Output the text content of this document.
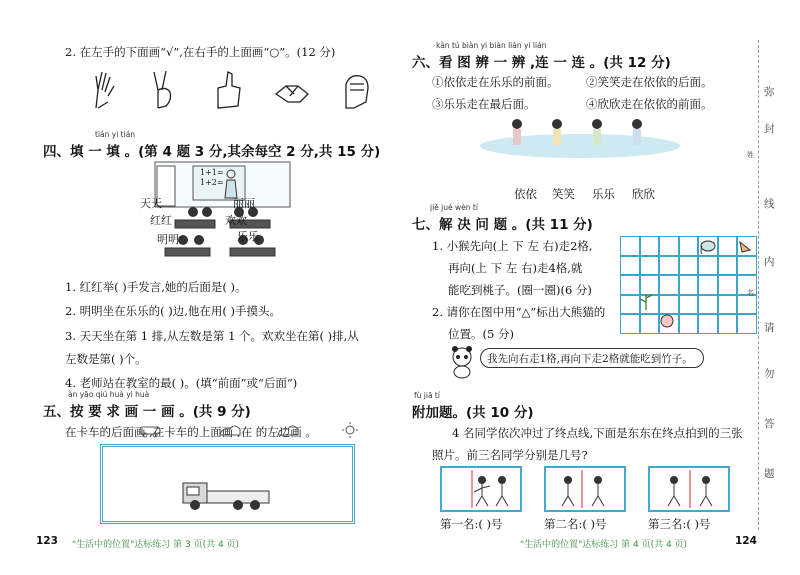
2. 在左手的下面画“√”,在右手的上面画“○”。(12 分)
tián yi tián
四、填 一 填 。(第 4 题 3 分,其余每空 2 分,共 15 分)
天天	丽丽
红红	欢欢
明明	乐乐
1+1=
1+2=
1. 红红举( )手发言,她的后面是( )。
2. 明明坐在乐乐的( )边,他在用( )手摸头。
3. 天天坐在第 1 排,从左数是第 1 个。欢欢坐在第( )排,从
左数是第( )个。
4. 老师站在教室的最( )。(填“前面”或“后面”)
àn yāo qiú huà yi huà
五、按 要 求 画 一 画 。(共 9 分)
在卡车的后面画 ,在卡车的上面画 ,在 的左边画 。
123 "生活中的位置"达标练习 第 3 页(共 4 页)
kàn tú biàn yi biàn lián yi lián
六、看 图 辨 一 辨 ,连 一 连 。(共 12 分)
①依依走在乐乐的前面。 ②笑笑走在依依的后面。
③乐乐走在最后面。	④欣欣走在依依的前面。
依依 笑笑 乐乐 欣欣
jiě jué wèn tí
七、解 决 问 题 。(共 11 分)
1. 小猴先向(上 下 左 右)走2格,
再向(上 下 左 右)走4格,就
能吃到桃子。(圈一圈)(6 分)
2. 请你在图中用“△”标出大熊猫的
位置。(5 分)
我先向右走1格,再向下走2格就能吃到竹子。
fù jiā tí
附加题。(共 10 分)
4 名同学依次冲过了终点线,下面是东东在终点拍到的三张
照片。前三名同学分别是几号?
第一名:( )号	第二名:( )号	第三名:( )号
"生活中的位置"达标练习 第 4 页(共 4 页)	124
弥
封
线
内
请
勿
答
题
姓
名
